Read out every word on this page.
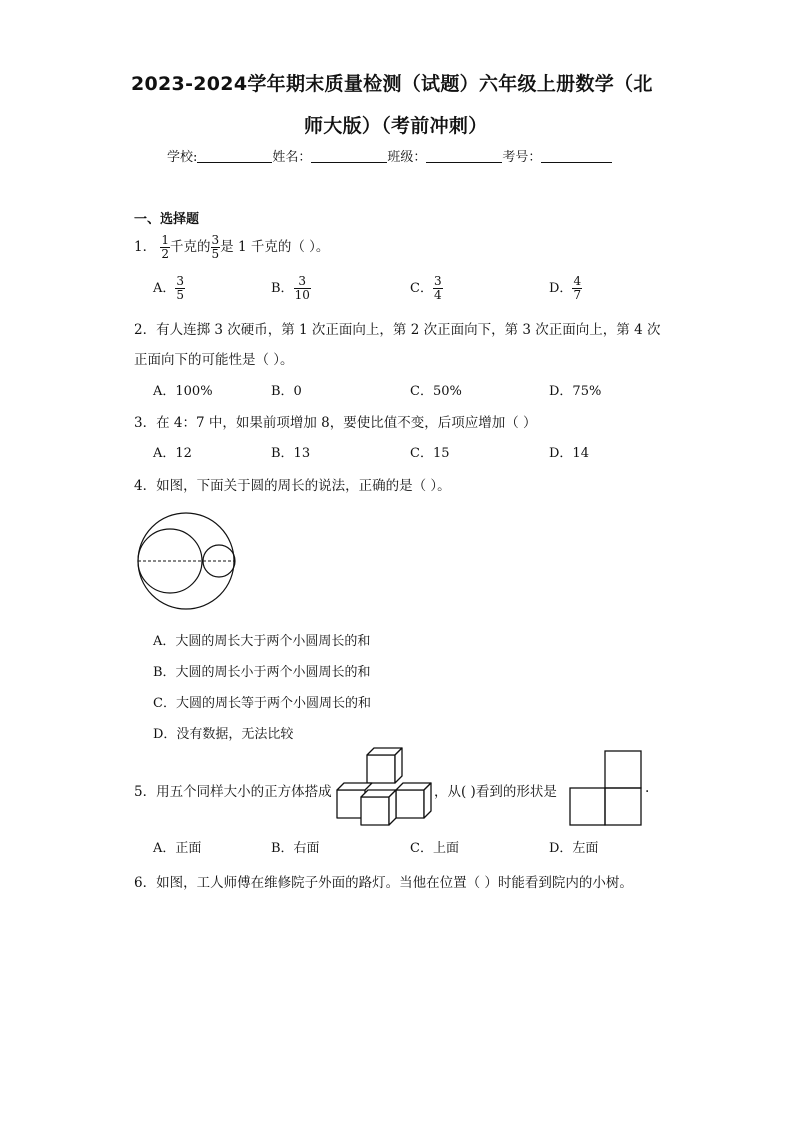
2023-2024学年期末质量检测（试题）六年级上册数学（北
师大版）（考前冲刺）
学校:	姓名：	班级：	考号：
一、选择题
1． $\frac{1}{2}$ 千克的 $\frac{3}{5}$ 是 1 千克的（ ）。
A． $\frac{3}{5}$	B． $\frac{3}{10}$	C． $\frac{3}{4}$	D． $\frac{4}{7}$
2．有人连掷 3 次硬币，第 1 次正面向上，第 2 次正面向下，第 3 次正面向上，第 4 次
正面向下的可能性是（ ）。
A．100%	B．0	C．50%	D．75%
3．在 4：7 中，如果前项增加 8，要使比值不变，后项应增加（ ）
A．12	B．13	C．15	D．14
4．如图，下面关于圆的周长的说法，正确的是（ ）。
A．大圆的周长大于两个小圆周长的和
B．大圆的周长小于两个小圆周长的和
C．大圆的周长等于两个小圆周长的和
D．没有数据，无法比较
5．用五个同样大小的正方体搭成	，从( )看到的形状是	.
A．正面	B．右面	C．上面	D．左面
6．如图，工人师傅在维修院子外面的路灯。当他在位置（ ）时能看到院内的小树。
